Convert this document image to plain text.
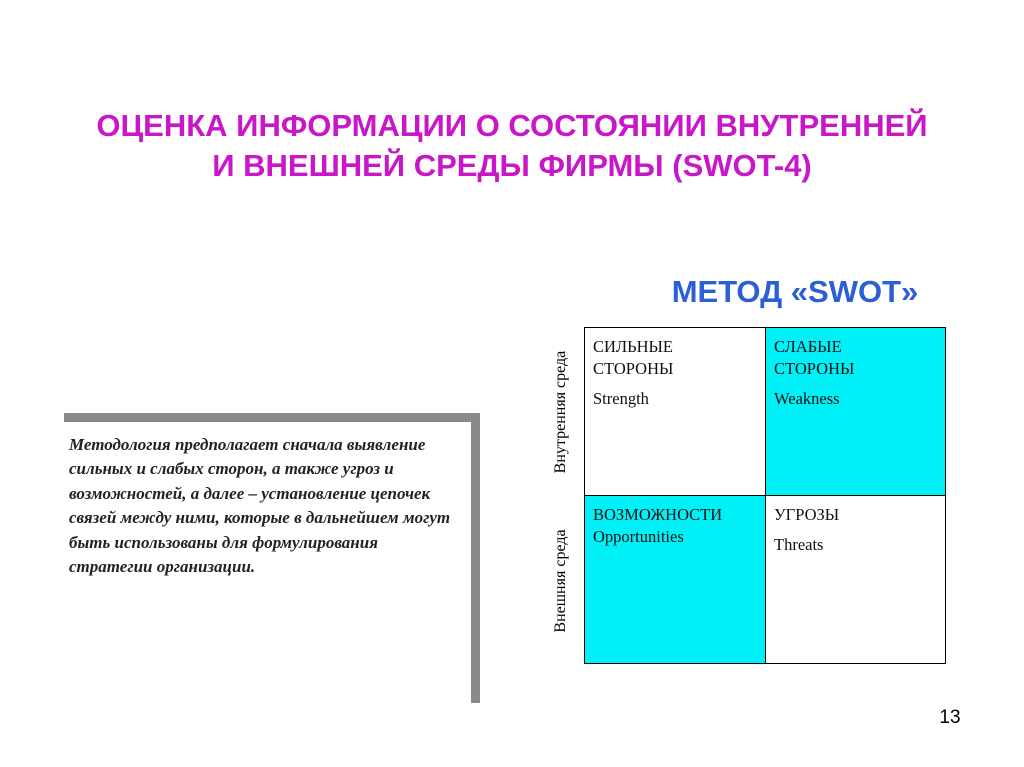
ОЦЕНКА ИНФОРМАЦИИ О СОСТОЯНИИ ВНУТРЕННЕЙ
И ВНЕШНЕЙ СРЕДЫ ФИРМЫ (SWOT-4)
МЕТОД «SWOT»
Методология предполагает сначала выявление сильных и слабых сторон, а также угроз и возможностей, а далее – установление цепочек связей между ними, которые в дальнейшем могут быть использованы для формулирования стратегии организации.
Внутренняя среда
Внешняя среда
СИЛЬНЫЕ
СТОРОНЫ
Strength
СЛАБЫЕ
СТОРОНЫ
Weakness
ВОЗМОЖНОСТИ
Opportunities
УГРОЗЫ
Threats
13
